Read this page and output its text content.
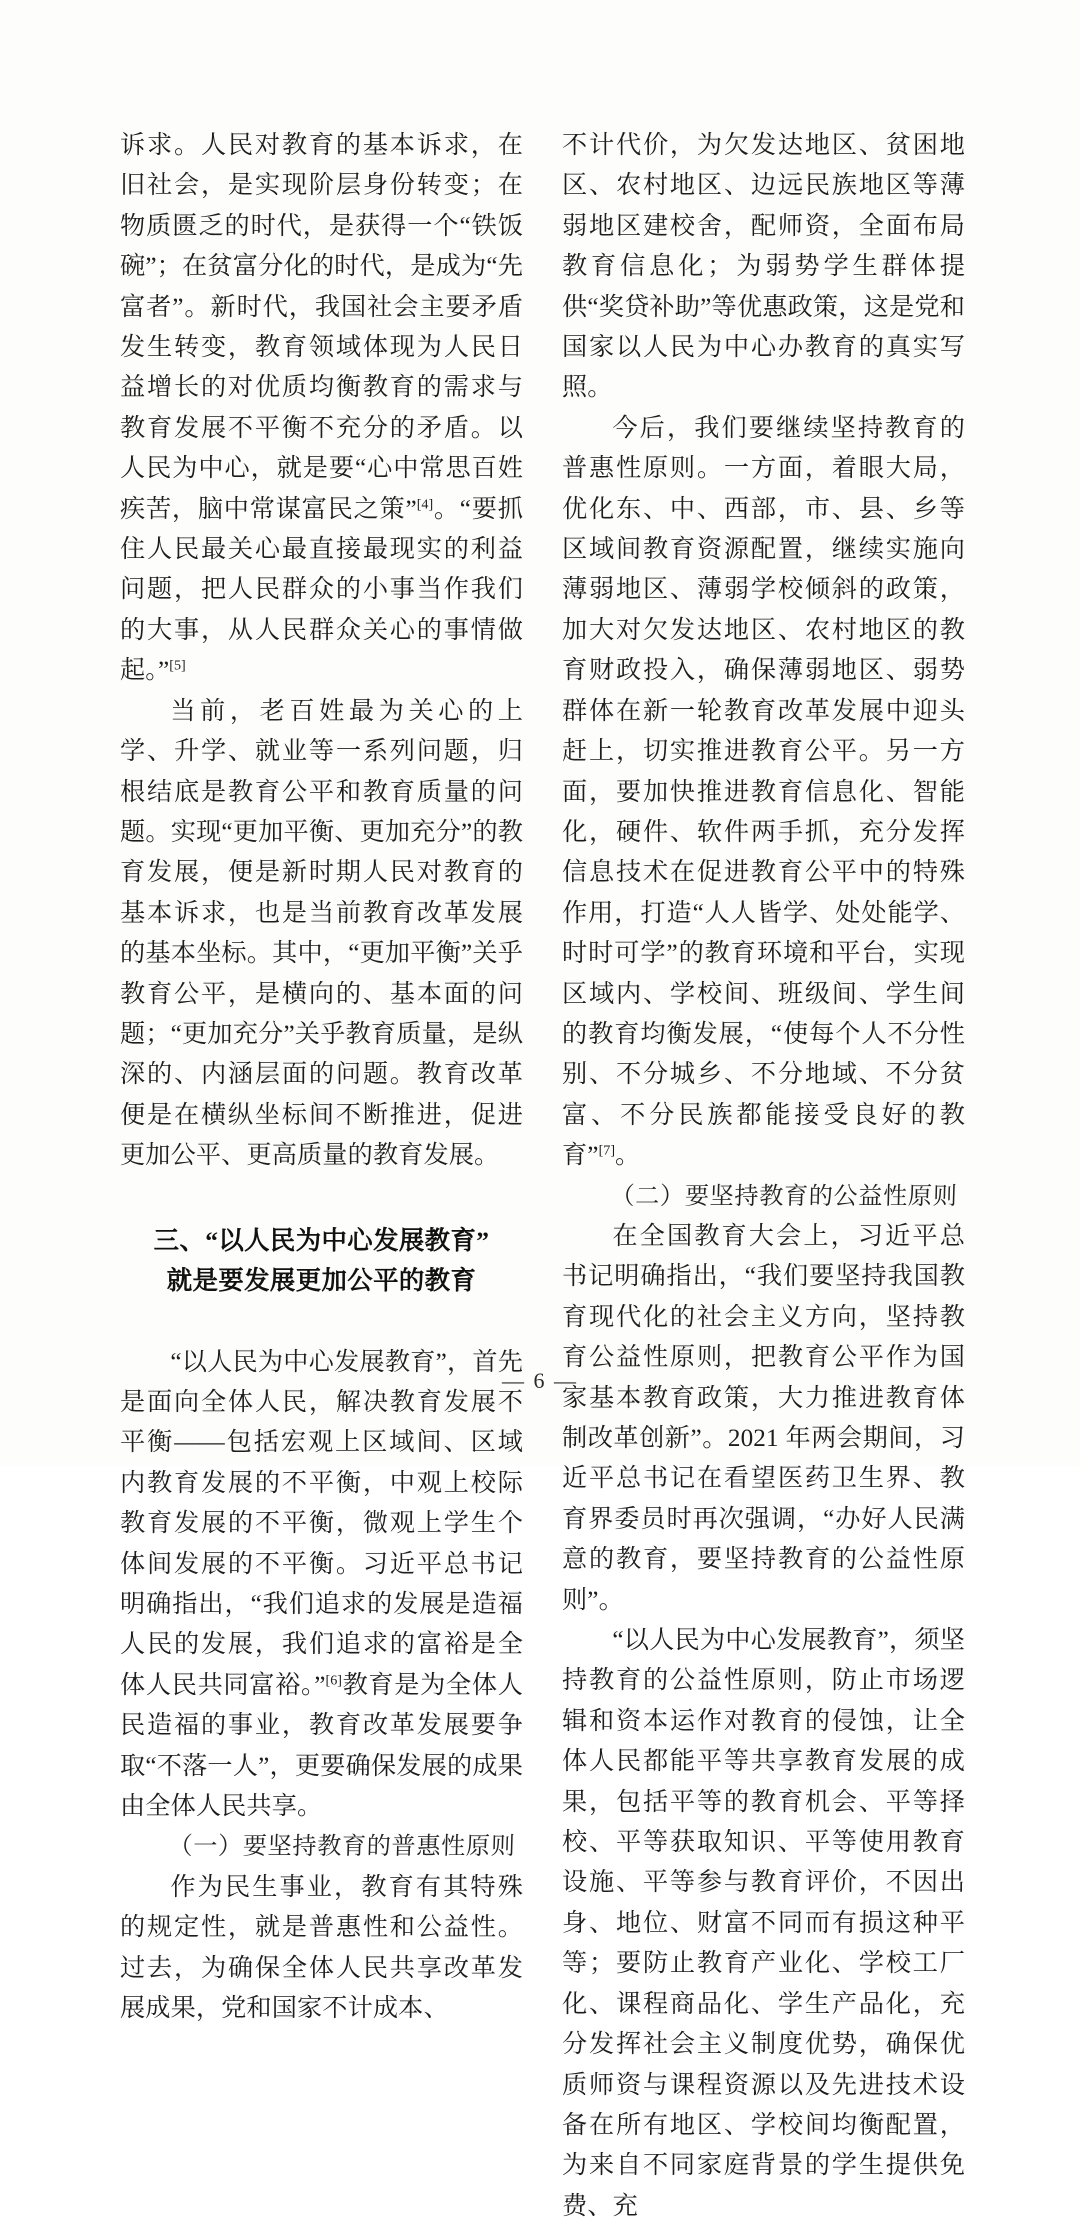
诉求。人民对教育的基本诉求，在旧社会，是实现阶层身份转变；在物质匮乏的时代，是获得一个“铁饭碗”；在贫富分化的时代，是成为“先富者”。新时代，我国社会主要矛盾发生转变，教育领域体现为人民日益增长的对优质均衡教育的需求与教育发展不平衡不充分的矛盾。以人民为中心，就是要“心中常思百姓疾苦，脑中常谋富民之策”[4]。“要抓住人民最关心最直接最现实的利益问题，把人民群众的小事当作我们的大事，从人民群众关心的事情做起。”[5]

当前，老百姓最为关心的上学、升学、就业等一系列问题，归根结底是教育公平和教育质量的问题。实现“更加平衡、更加充分”的教育发展，便是新时期人民对教育的基本诉求，也是当前教育改革发展的基本坐标。其中，“更加平衡”关乎教育公平，是横向的、基本面的问题；“更加充分”关乎教育质量，是纵深的、内涵层面的问题。教育改革便是在横纵坐标间不断推进，促进更加公平、更高质量的教育发展。

三、“以人民为中心发展教育”
就是要发展更加公平的教育

“以人民为中心发展教育”，首先是面向全体人民，解决教育发展不平衡——包括宏观上区域间、区域内教育发展的不平衡，中观上校际教育发展的不平衡，微观上学生个体间发展的不平衡。习近平总书记明确指出，“我们追求的发展是造福人民的发展，我们追求的富裕是全体人民共同富裕。”[6]教育是为全体人民造福的事业，教育改革发展要争取“不落一人”，更要确保发展的成果由全体人民共享。

（一）要坚持教育的普惠性原则

作为民生事业，教育有其特殊的规定性，就是普惠性和公益性。过去，为确保全体人民共享改革发展成果，党和国家不计成本、

不计代价，为欠发达地区、贫困地区、农村地区、边远民族地区等薄弱地区建校舍，配师资，全面布局教育信息化；为弱势学生群体提供“奖贷补助”等优惠政策，这是党和国家以人民为中心办教育的真实写照。

今后，我们要继续坚持教育的普惠性原则。一方面，着眼大局，优化东、中、西部，市、县、乡等区域间教育资源配置，继续实施向薄弱地区、薄弱学校倾斜的政策，加大对欠发达地区、农村地区的教育财政投入，确保薄弱地区、弱势群体在新一轮教育改革发展中迎头赶上，切实推进教育公平。另一方面，要加快推进教育信息化、智能化，硬件、软件两手抓，充分发挥信息技术在促进教育公平中的特殊作用，打造“人人皆学、处处能学、时时可学”的教育环境和平台，实现区域内、学校间、班级间、学生间的教育均衡发展，“使每个人不分性别、不分城乡、不分地域、不分贫富、不分民族都能接受良好的教育”[7]。

（二）要坚持教育的公益性原则

在全国教育大会上，习近平总书记明确指出，“我们要坚持我国教育现代化的社会主义方向，坚持教育公益性原则，把教育公平作为国家基本教育政策，大力推进教育体制改革创新”。2021 年两会期间，习近平总书记在看望医药卫生界、教育界委员时再次强调，“办好人民满意的教育，要坚持教育的公益性原则”。

“以人民为中心发展教育”，须坚持教育的公益性原则，防止市场逻辑和资本运作对教育的侵蚀，让全体人民都能平等共享教育发展的成果，包括平等的教育机会、平等择校、平等获取知识、平等使用教育设施、平等参与教育评价，不因出身、地位、财富不同而有损这种平等；要防止教育产业化、学校工厂化、课程商品化、学生产品化，充分发挥社会主义制度优势，确保优质师资与课程资源以及先进技术设备在所有地区、学校间均衡配置，为来自不同家庭背景的学生提供免费、充

— 6 —
